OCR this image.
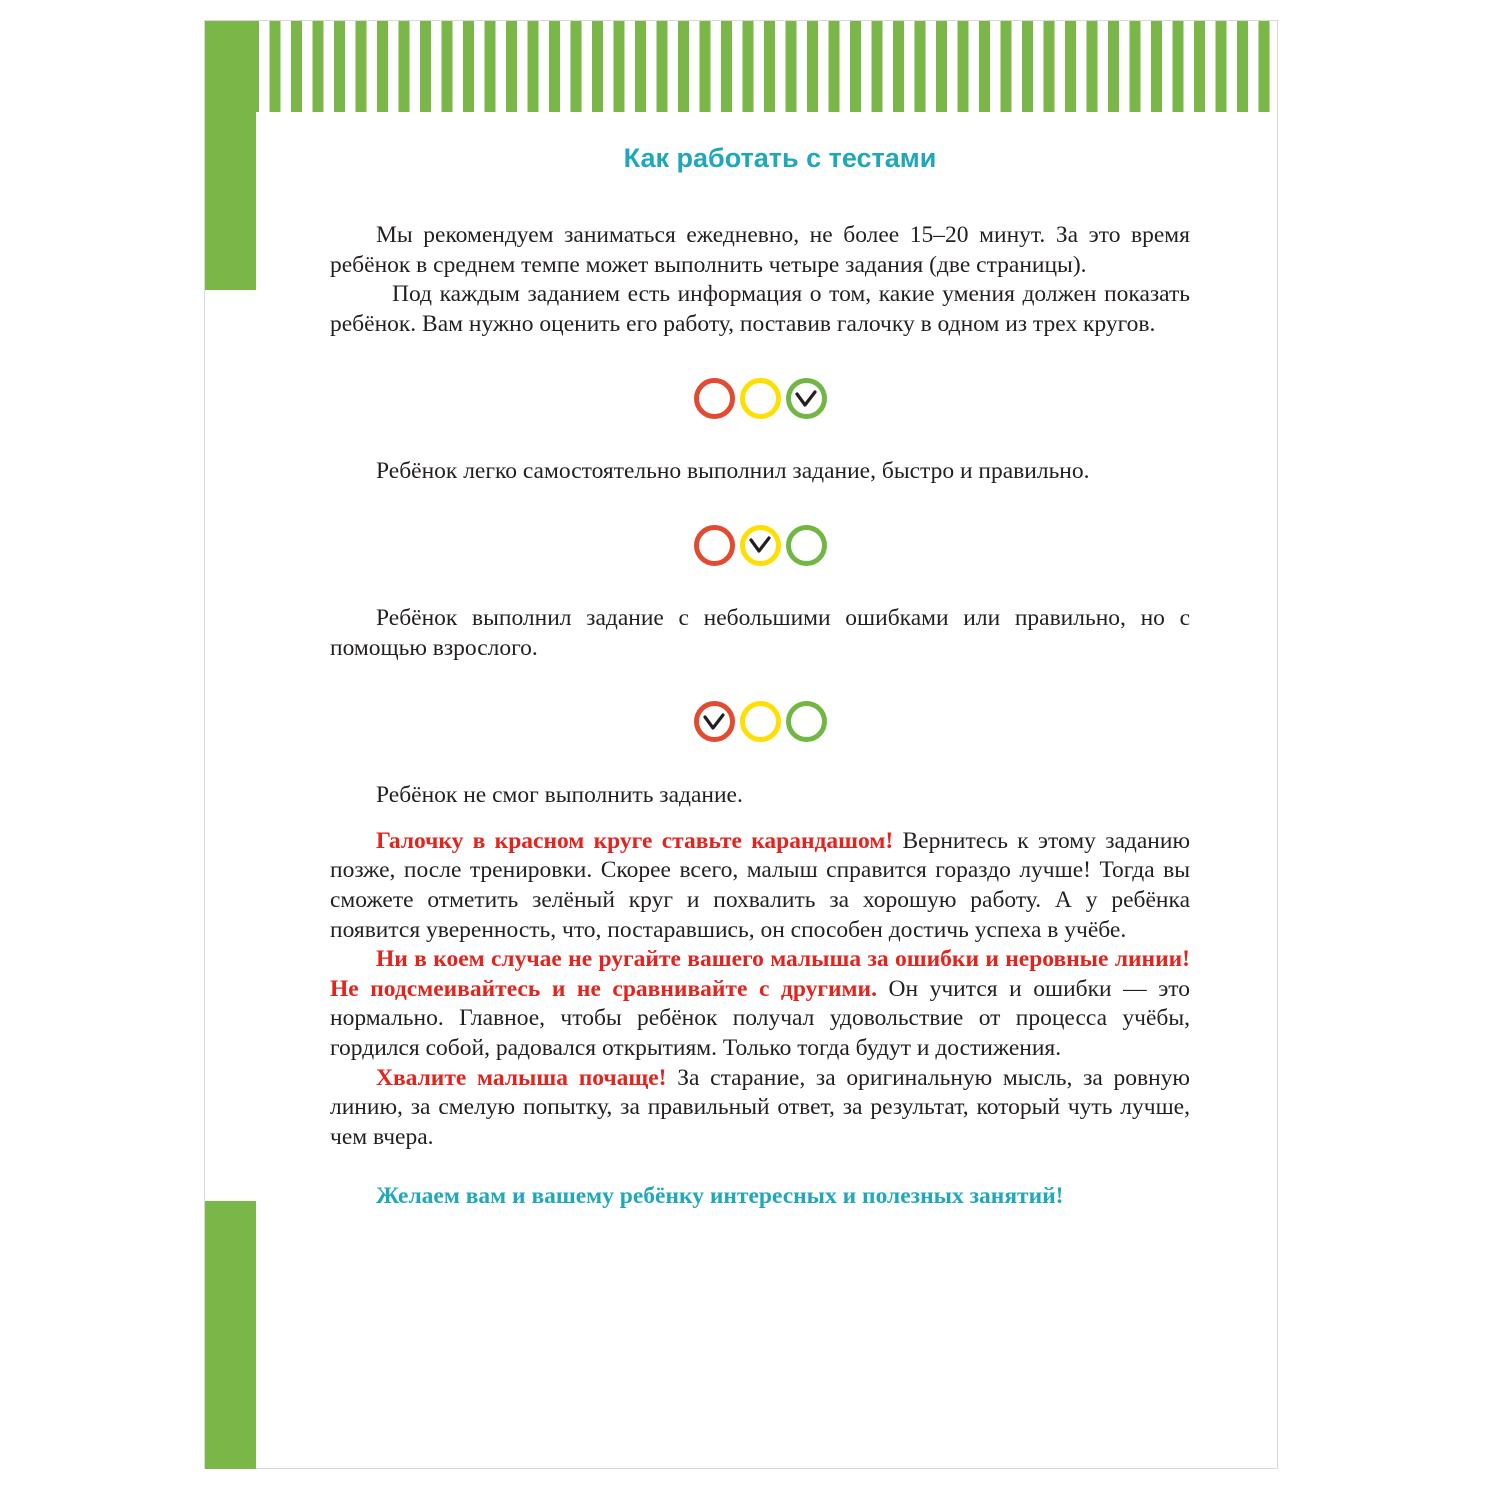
Как работать с тестами

Мы рекомендуем заниматься ежедневно, не более 15–20 минут. За это время ребёнок в среднем темпе может выполнить четыре задания (две страницы).

Под каждым заданием есть информация о том, какие умения должен показать ребёнок. Вам нужно оценить его работу, поставив галочку в одном из трех кругов.

Ребёнок легко самостоятельно выполнил задание, быстро и правильно.

Ребёнок выполнил задание с небольшими ошибками или правильно, но с помощью взрослого.

Ребёнок не смог выполнить задание.

Галочку в красном круге ставьте карандашом! Вернитесь к этому заданию позже, после тренировки. Скорее всего, малыш справится гораздо лучше! Тогда вы сможете отметить зелёный круг и похвалить за хорошую работу. А у ребёнка появится уверенность, что, постаравшись, он способен достичь успеха в учёбе.

Ни в коем случае не ругайте вашего малыша за ошибки и неровные линии! Не подсмеивайтесь и не сравнивайте с другими. Он учится и ошибки — это нормально. Главное, чтобы ребёнок получал удовольствие от процесса учёбы, гордился собой, радовался открытиям. Только тогда будут и достижения.

Хвалите малыша почаще! За старание, за оригинальную мысль, за ровную линию, за смелую попытку, за правильный ответ, за результат, который чуть лучше, чем вчера.

Желаем вам и вашему ребёнку интересных и полезных занятий!
